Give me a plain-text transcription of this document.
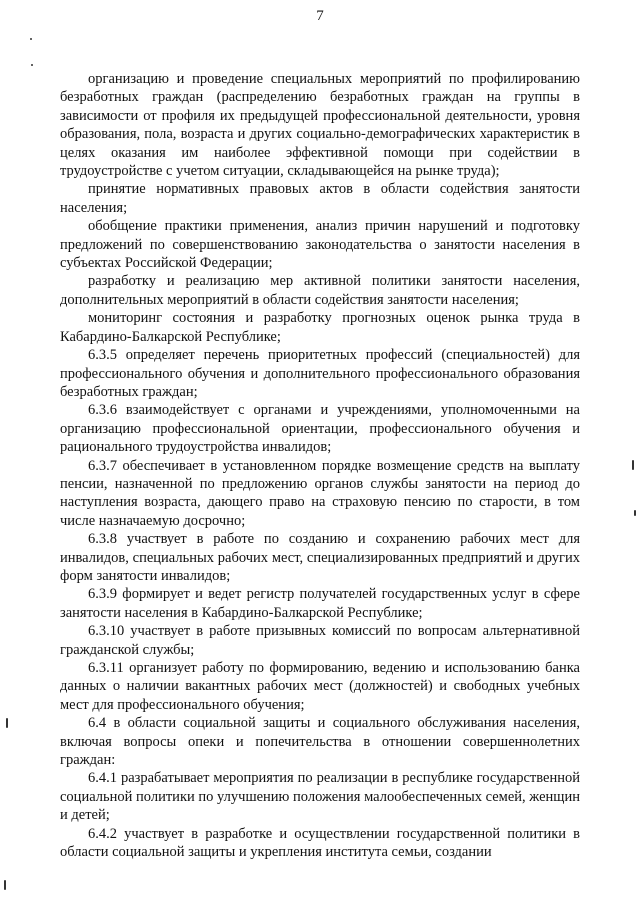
7

организацию и проведение специальных мероприятий по профилированию безработных граждан (распределению безработных граждан на группы в зависимости от профиля их предыдущей профессиональной деятельности, уровня образования, пола, возраста и других социально-демографических характеристик в целях оказания им наиболее эффективной помощи при содействии в трудоустройстве с учетом ситуации, складывающейся на рынке труда);

принятие нормативных правовых актов в области содействия занятости населения;

обобщение практики применения, анализ причин нарушений и подготовку предложений по совершенствованию законодательства о занятости населения в субъектах Российской Федерации;

разработку и реализацию мер активной политики занятости населения, дополнительных мероприятий в области содействия занятости населения;

мониторинг состояния и разработку прогнозных оценок рынка труда в Кабардино-Балкарской Республике;

6.3.5 определяет перечень приоритетных профессий (специальностей) для профессионального обучения и дополнительного профессионального образования безработных граждан;

6.3.6 взаимодействует с органами и учреждениями, уполномоченными на организацию профессиональной ориентации, профессионального обучения и рационального трудоустройства инвалидов;

6.3.7 обеспечивает в установленном порядке возмещение средств на выплату пенсии, назначенной по предложению органов службы занятости на период до наступления возраста, дающего право на страховую пенсию по старости, в том числе назначаемую досрочно;

6.3.8 участвует в работе по созданию и сохранению рабочих мест для инвалидов, специальных рабочих мест, специализированных предприятий и других форм занятости инвалидов;

6.3.9 формирует и ведет регистр получателей государственных услуг в сфере занятости населения в Кабардино-Балкарской Республике;

6.3.10 участвует в работе призывных комиссий по вопросам альтернативной гражданской службы;

6.3.11 организует работу по формированию, ведению и использованию банка данных о наличии вакантных рабочих мест (должностей) и свободных учебных мест для профессионального обучения;

6.4 в области социальной защиты и социального обслуживания населения, включая вопросы опеки и попечительства в отношении совершеннолетних граждан:

6.4.1 разрабатывает мероприятия по реализации в республике государственной социальной политики по улучшению положения малообеспеченных семей, женщин и детей;

6.4.2 участвует в разработке и осуществлении государственной политики в области социальной защиты и укрепления института семьи, создании
